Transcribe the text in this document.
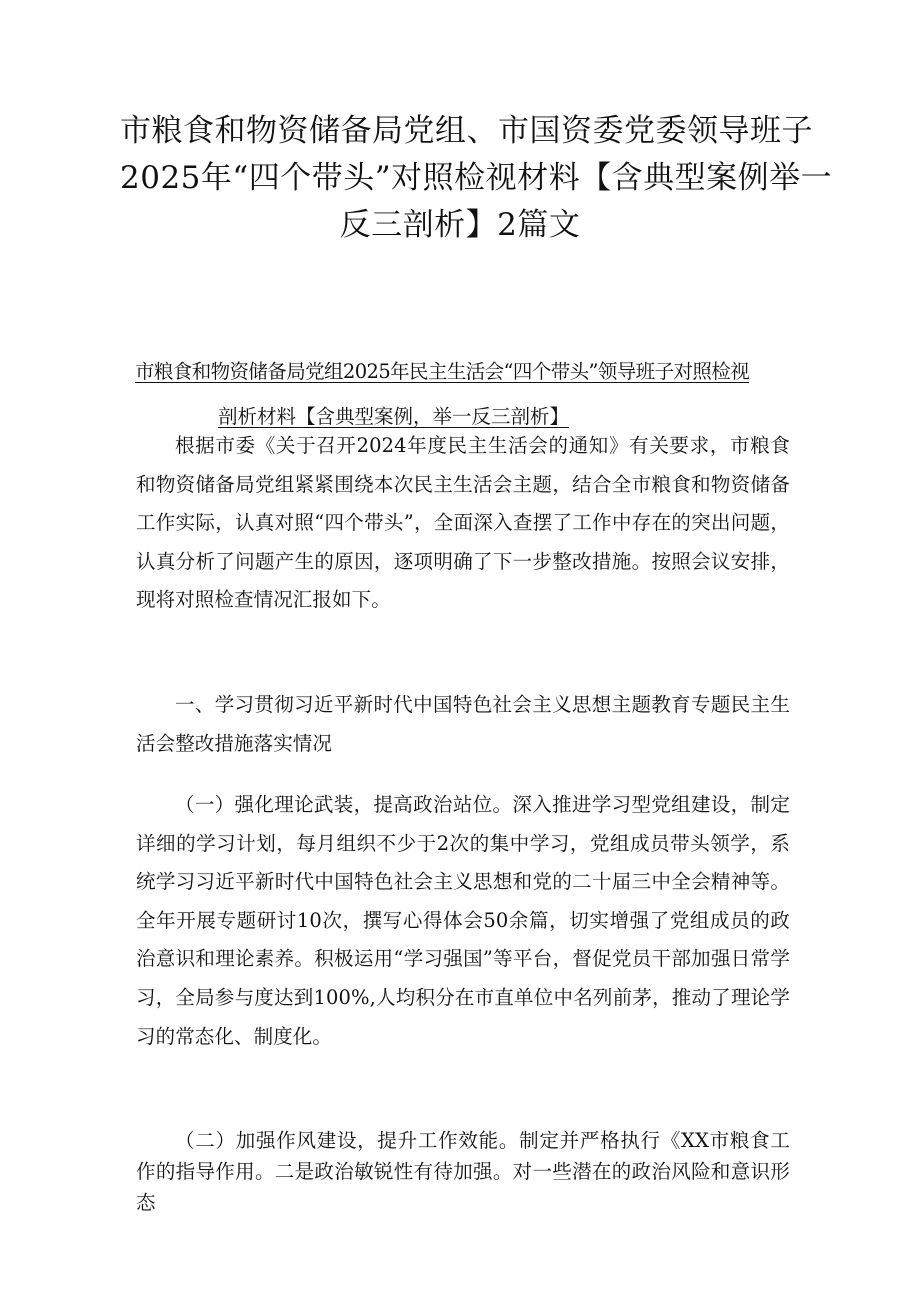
市粮食和物资储备局党组、市国资委党委领导班子
2025年“四个带头”对照检视材料【含典型案例举一
反三剖析】2篇文
市粮食和物资储备局党组2025年民主生活会“四个带头”领导班子对照检视
剖析材料【含典型案例，举一反三剖析】

根据市委《关于召开2024年度民主生活会的通知》有关要求，市粮食和物资储备局党组紧紧围绕本次民主生活会主题，结合全市粮食和物资储备工作实际，认真对照“四个带头”，全面深入查摆了工作中存在的突出问题，认真分析了问题产生的原因，逐项明确了下一步整改措施。按照会议安排，现将对照检查情况汇报如下。

一、学习贯彻习近平新时代中国特色社会主义思想主题教育专题民主生活会整改措施落实情况

（一）强化理论武装，提高政治站位。深入推进学习型党组建设，制定详细的学习计划，每月组织不少于2次的集中学习，党组成员带头领学，系统学习习近平新时代中国特色社会主义思想和党的二十届三中全会精神等。全年开展专题研讨10次，撰写心得体会50余篇，切实增强了党组成员的政治意识和理论素养。积极运用“学习强国”等平台，督促党员干部加强日常学习，全局参与度达到100%,人均积分在市直单位中名列前茅，推动了理论学习的常态化、制度化。

（二）加强作风建设，提升工作效能。制定并严格执行《XX市粮食工作的指导作用。二是政治敏锐性有待加强。对一些潜在的政治风险和意识形态
